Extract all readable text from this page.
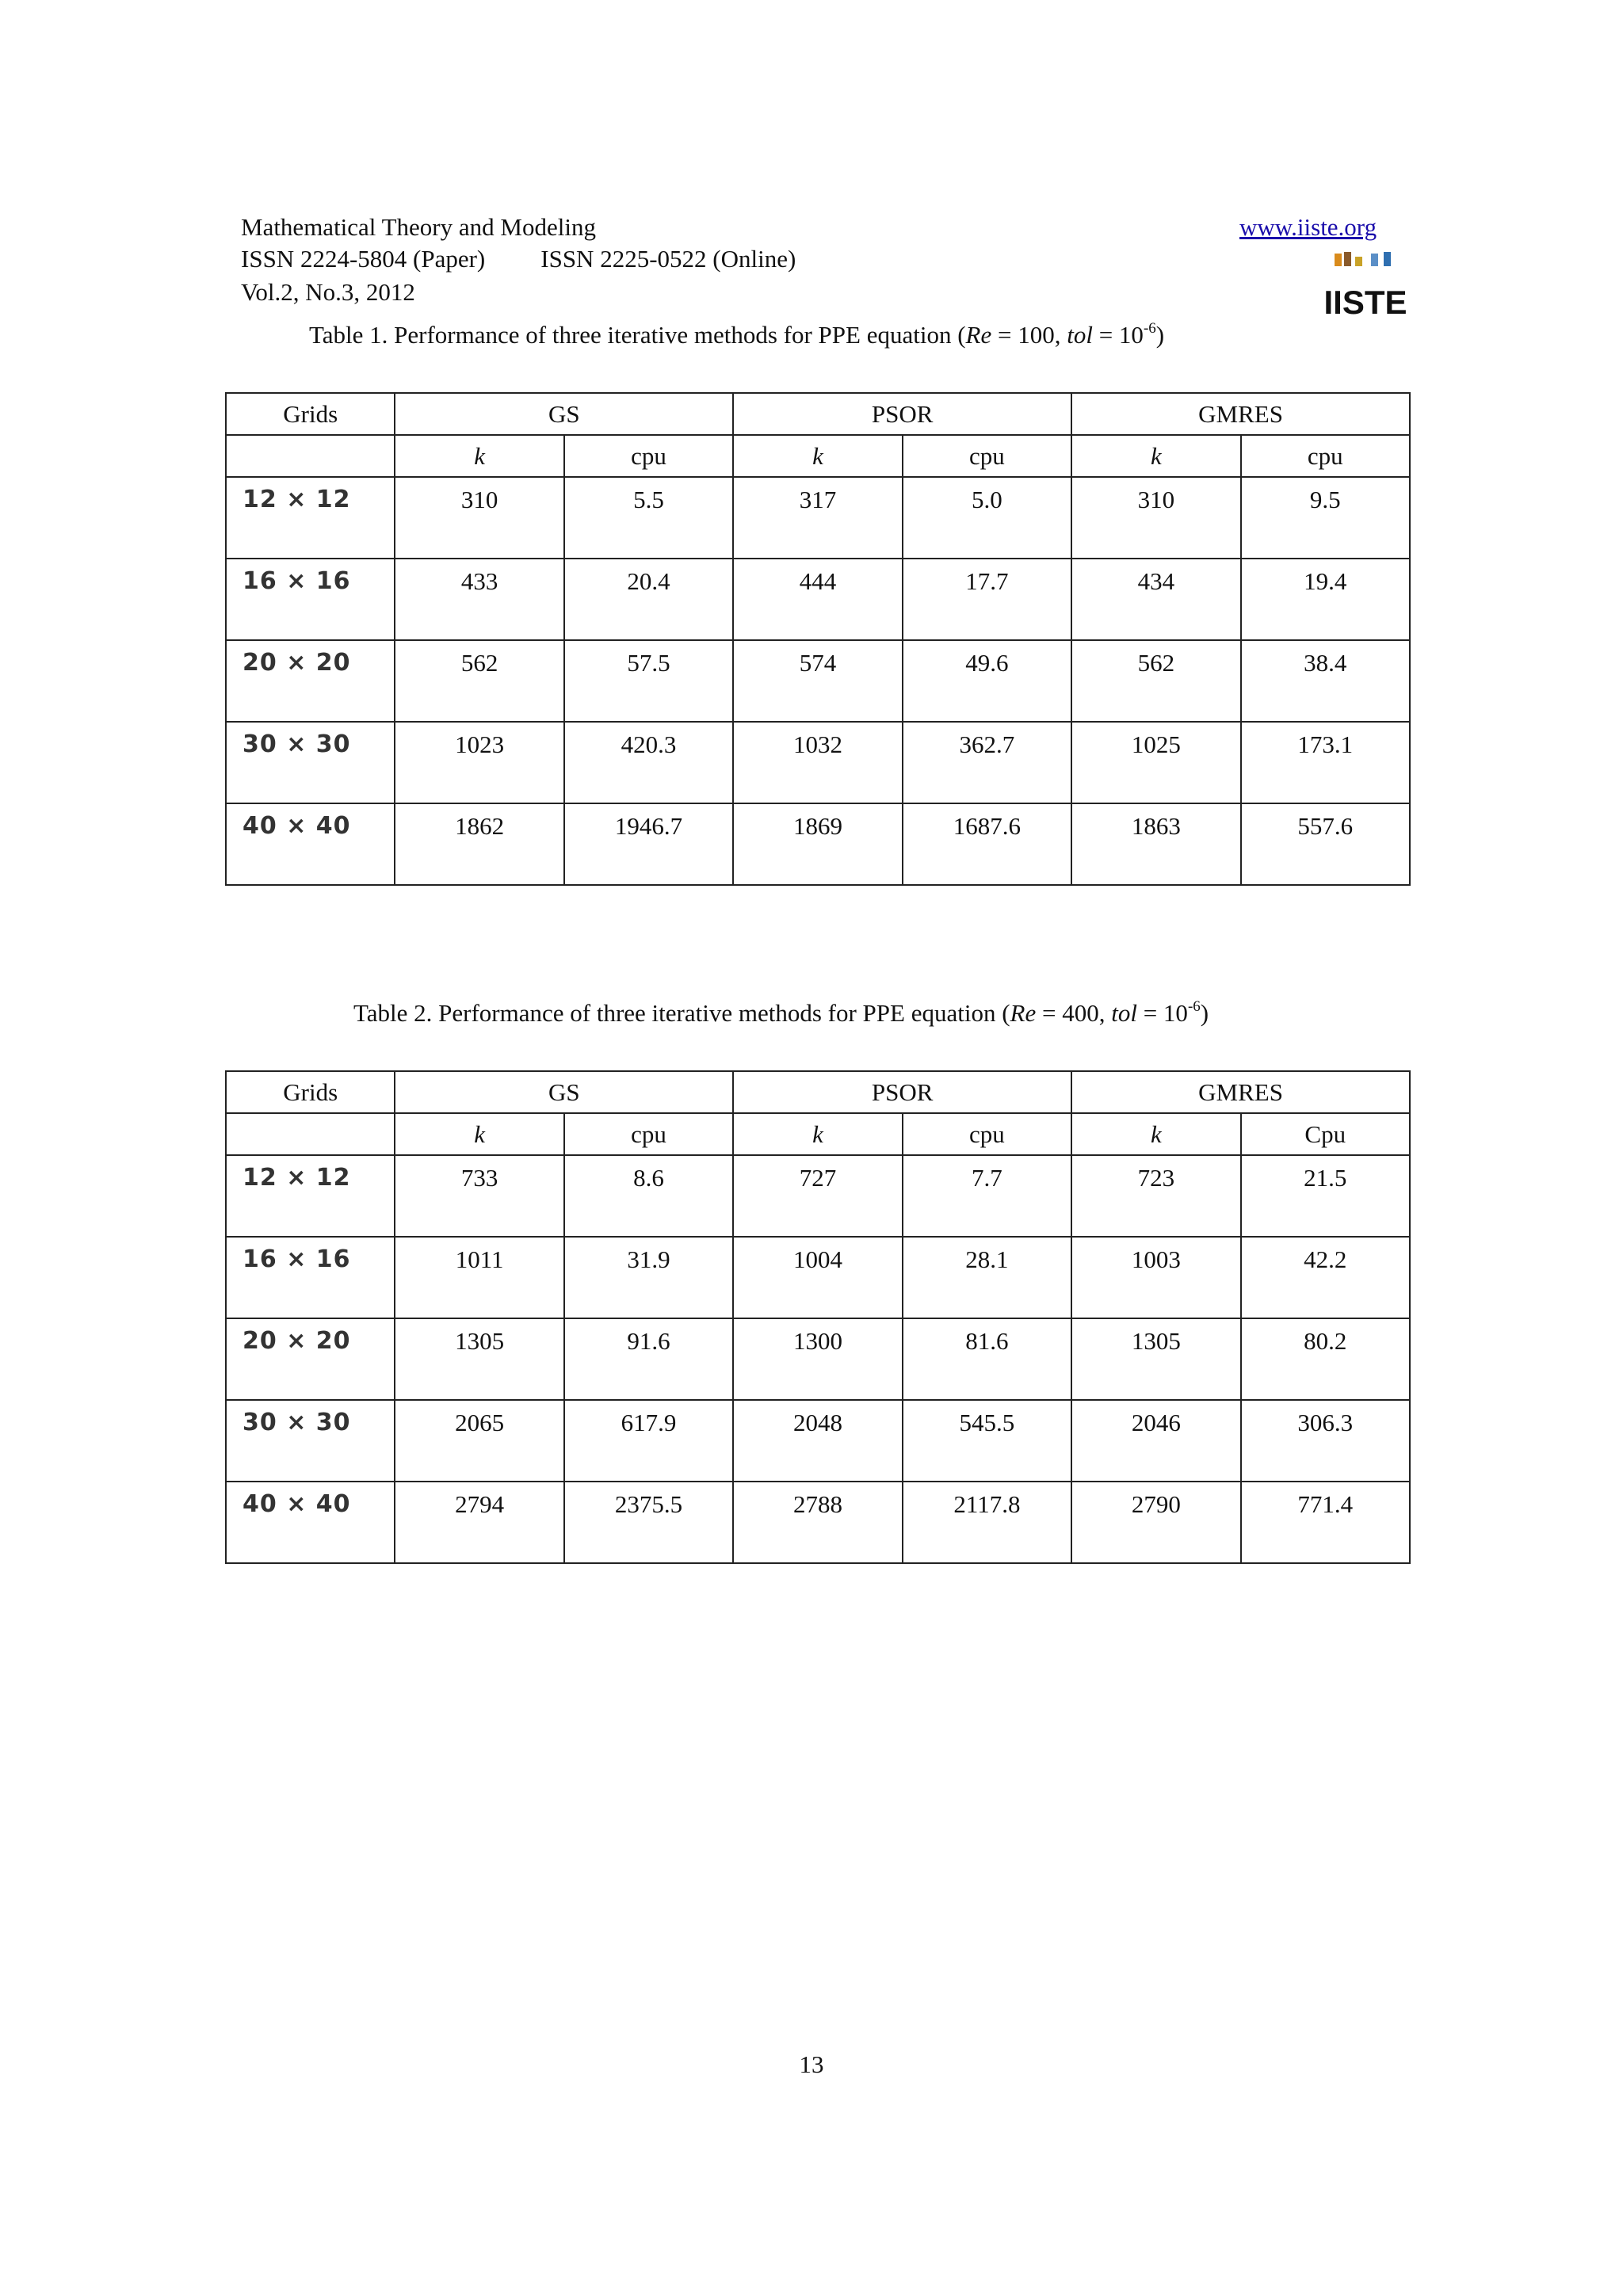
Mathematical Theory and Modeling
ISSN 2224-5804 (Paper) ISSN 2225-0522 (Online)
Vol.2, No.3, 2012
www.iiste.org
IISTE
Table 1. Performance of three iterative methods for PPE equation (Re = 100, tol = $10^{-6}$)
Grids	GS		PSOR		GMRES	
	k	cpu	k	cpu	k	cpu
12 × 12	310	5.5	317	5.0	310	9.5
16 × 16	433	20.4	444	17.7	434	19.4
20 × 20	562	57.5	574	49.6	562	38.4
30 × 30	1023	420.3	1032	362.7	1025	173.1
40 × 40	1862	1946.7	1869	1687.6	1863	557.6
Table 2. Performance of three iterative methods for PPE equation (Re = 400, tol = $10^{-6}$)
Grids	GS		PSOR		GMRES	
	k	cpu	k	cpu	k	Cpu
12 × 12	733	8.6	727	7.7	723	21.5
16 × 16	1011	31.9	1004	28.1	1003	42.2
20 × 20	1305	91.6	1300	81.6	1305	80.2
30 × 30	2065	617.9	2048	545.5	2046	306.3
40 × 40	2794	2375.5	2788	2117.8	2790	771.4
13
